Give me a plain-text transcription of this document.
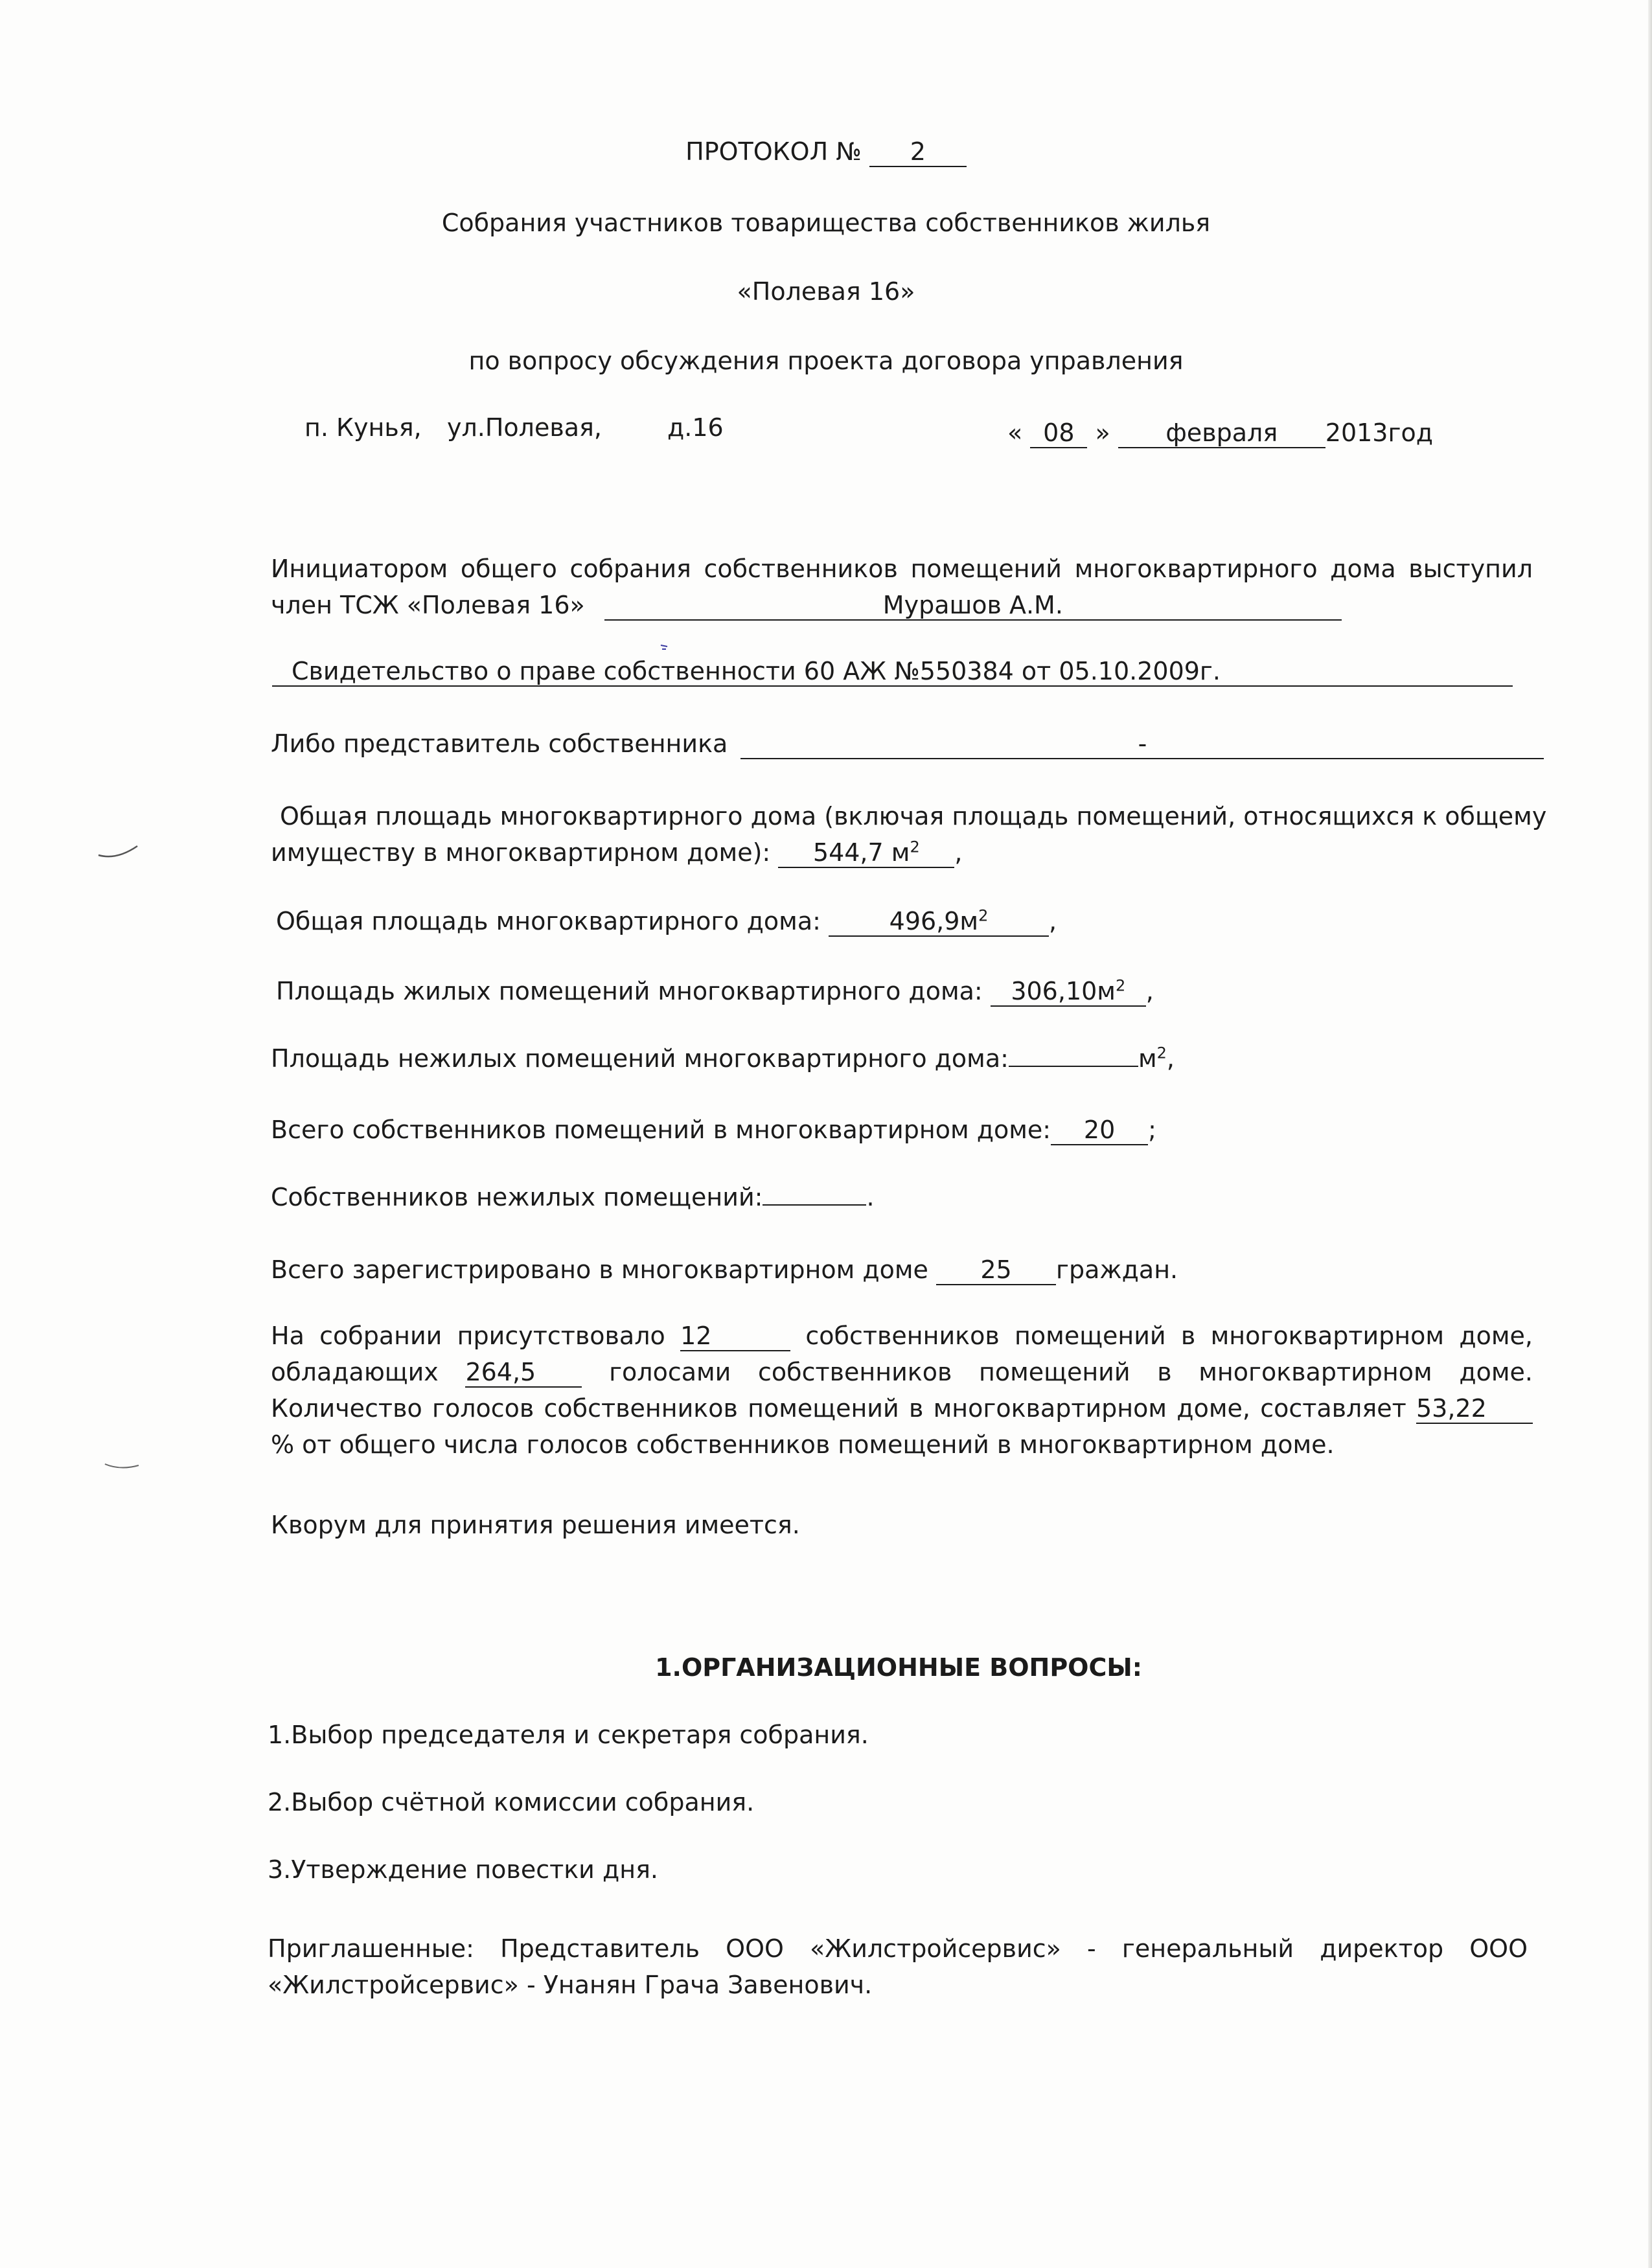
ПРОТОКОЛ № 2
Собрания участников товарищества собственников жилья
«Полевая 16»
по вопросу обсуждения проекта договора управления
п. Кунья, ул.Полевая,	д.16	« 08 » февраля 2013год
Инициатором общего собрания собственников помещений многоквартирного дома выступил
член ТСЖ «Полевая 16»	Мурашов А.М.
Свидетельство о праве собственности 60 АЖ №550384 от 05.10.2009г.
Либо представитель собственника	-
Общая площадь многоквартирного дома (включая площадь помещений, относящихся к общему
имуществу в многоквартирном доме): 544,7 $м^2$ ,
Общая площадь многоквартирного дома:	$496,9м^2$ ,
Площадь жилых помещений многоквартирного дома: $306,10м^2$ ,
Площадь нежилых помещений многоквартирного дома:	$м^2$,
Всего собственников помещений в многоквартирном доме: 20 ;
Собственников нежилых помещений:	.
Всего зарегистрировано в многоквартирном доме 25 граждан.
На собрании присутствовало 12	собственников помещений в многоквартирном доме, обладающих 264,5	голосами собственников помещений в многоквартирном доме. Количество голосов собственников помещений в многоквартирном доме, составляет 53,22% от общего числа голосов собственников помещений в многоквартирном доме.
Кворум для принятия решения имеется.
1.ОРГАНИЗАЦИОННЫЕ ВОПРОСЫ:
1.Выбор председателя и секретаря собрания.
2.Выбор счётной комиссии собрания.
3.Утверждение повестки дня.
Приглашенные: Представитель ООО «Жилстройсервис» - генеральный директор ООО «Жилстройсервис» - Унанян Грача Завенович.
